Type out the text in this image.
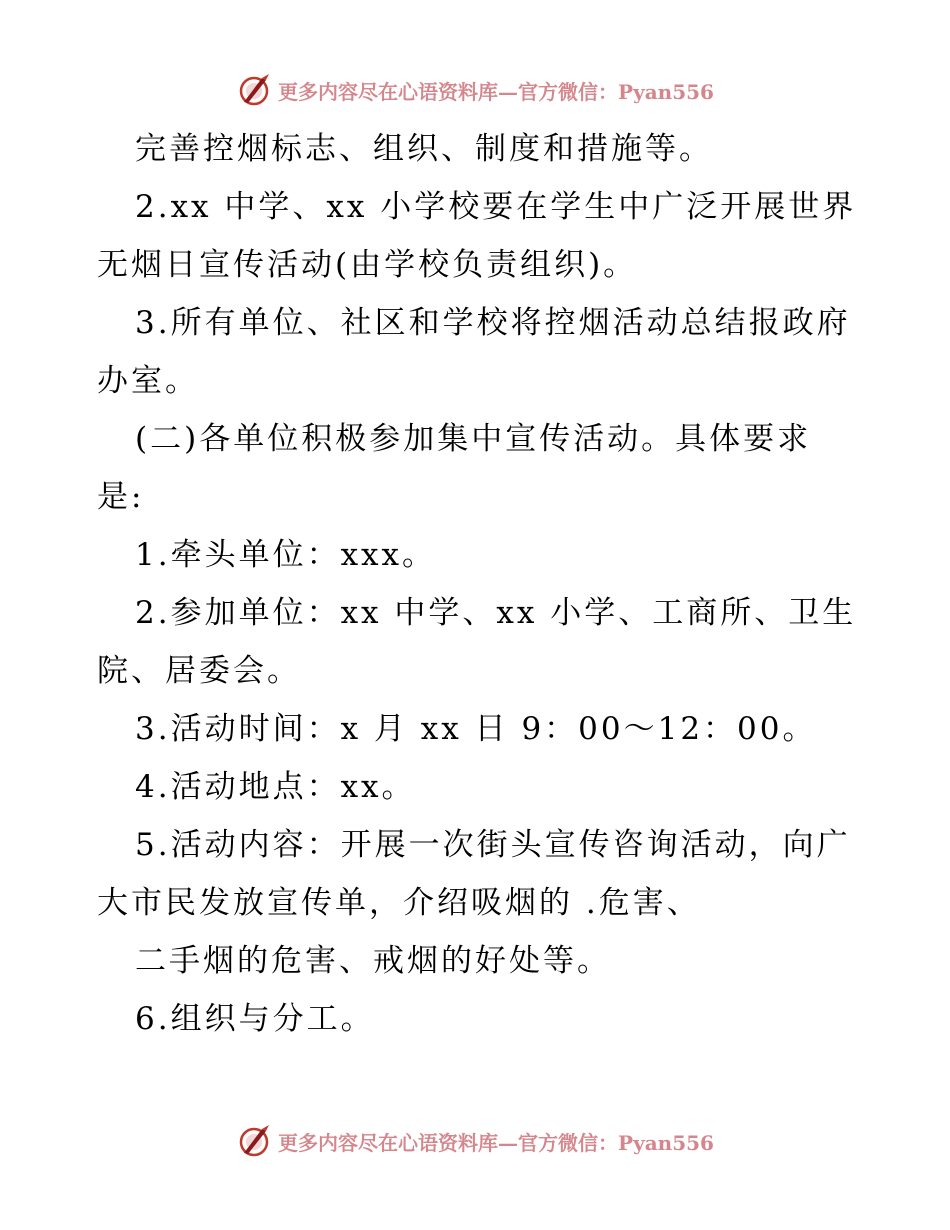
更多内容尽在心语资料库—官方微信：Pyan556
完善控烟标志、组织、制度和措施等。
2.xx 中学、xx 小学校要在学生中广泛开展世界
无烟日宣传活动(由学校负责组织)。
3.所有单位、社区和学校将控烟活动总结报政府
办室。
(二)各单位积极参加集中宣传活动。具体要求
是:
1.牵头单位：xxx。
2.参加单位：xx 中学、xx 小学、工商所、卫生
院、居委会。
3.活动时间：x 月 xx 日 9：00～12：00。
4.活动地点：xx。
5.活动内容：开展一次街头宣传咨询活动，向广
大市民发放宣传单，介绍吸烟的 .危害、
二手烟的危害、戒烟的好处等。
6.组织与分工。
更多内容尽在心语资料库—官方微信：Pyan556
